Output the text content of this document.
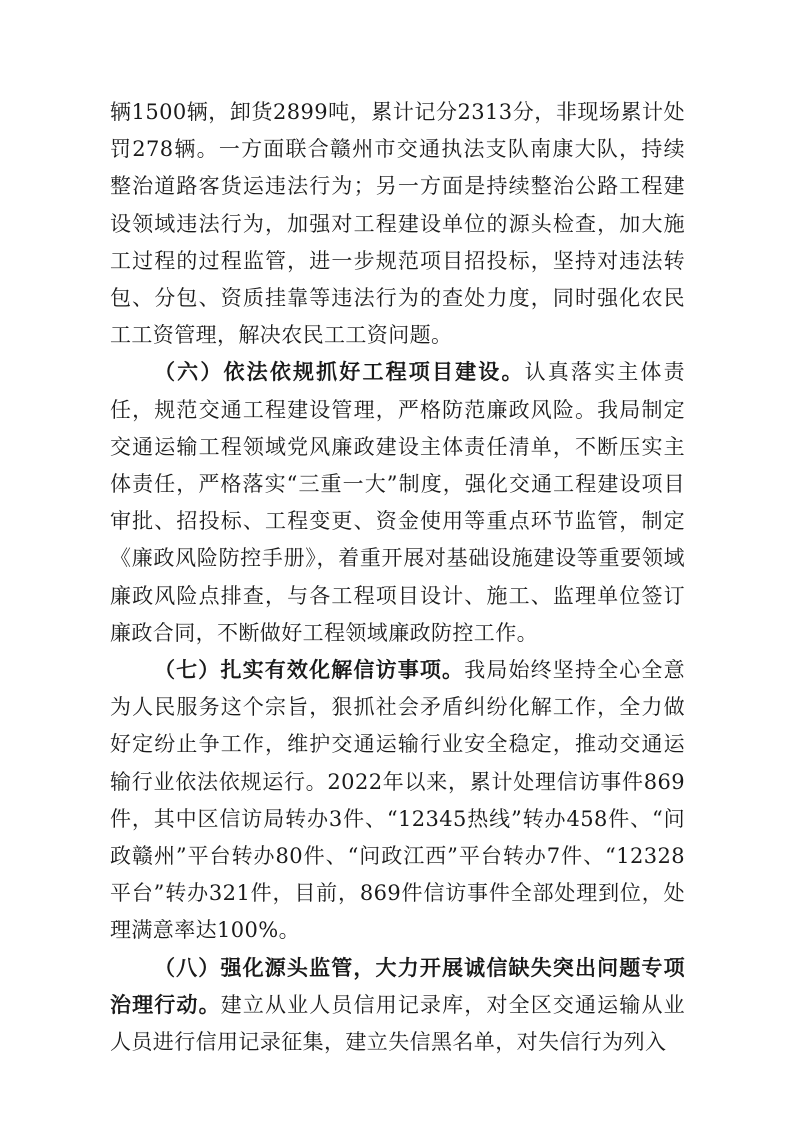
辆1500辆，卸货2899吨，累计记分2313分，非现场累计处罚278辆。一方面联合赣州市交通执法支队南康大队，持续整治道路客货运违法行为；另一方面是持续整治公路工程建设领域违法行为，加强对工程建设单位的源头检查，加大施工过程的过程监管，进一步规范项目招投标，坚持对违法转包、分包、资质挂靠等违法行为的查处力度，同时强化农民工工资管理，解决农民工工资问题。

（六）依法依规抓好工程项目建设。认真落实主体责任，规范交通工程建设管理，严格防范廉政风险。我局制定交通运输工程领域党风廉政建设主体责任清单，不断压实主体责任，严格落实“三重一大”制度，强化交通工程建设项目审批、招投标、工程变更、资金使用等重点环节监管，制定《廉政风险防控手册》，着重开展对基础设施建设等重要领域廉政风险点排查，与各工程项目设计、施工、监理单位签订廉政合同，不断做好工程领域廉政防控工作。

（七）扎实有效化解信访事项。我局始终坚持全心全意为人民服务这个宗旨，狠抓社会矛盾纠纷化解工作，全力做好定纷止争工作，维护交通运输行业安全稳定，推动交通运输行业依法依规运行。2022年以来，累计处理信访事件869件，其中区信访局转办3件、“12345热线”转办458件、“问政赣州”平台转办80件、“问政江西”平台转办7件、“12328平台”转办321件，目前，869件信访事件全部处理到位，处理满意率达100%。

（八）强化源头监管，大力开展诚信缺失突出问题专项治理行动。建立从业人员信用记录库，对全区交通运输从业人员进行信用记录征集，建立失信黑名单，对失信行为列入
